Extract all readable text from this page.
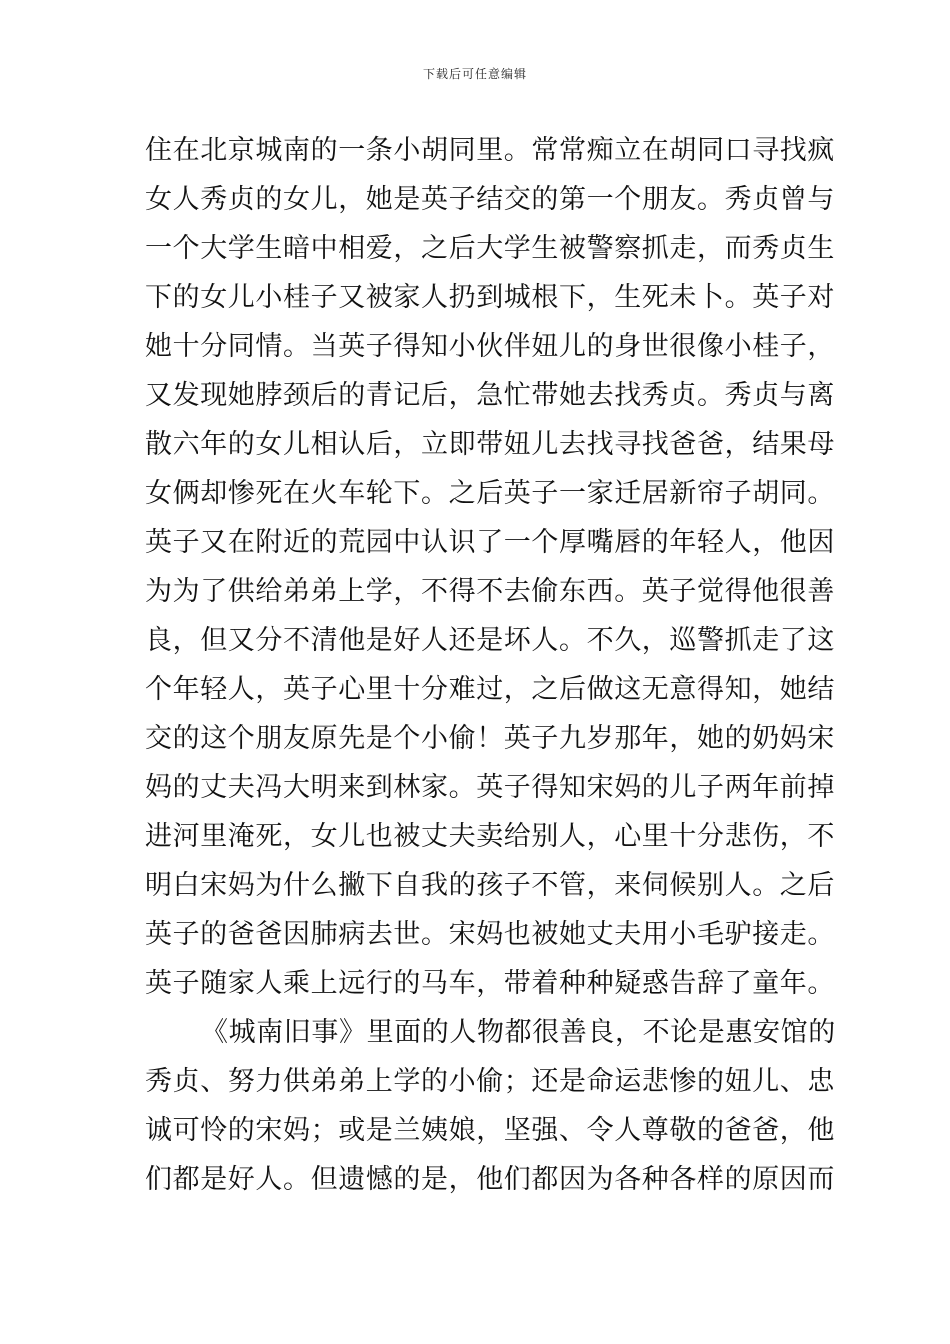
下载后可任意编辑
住在北京城南的一条小胡同里。常常痴立在胡同口寻找疯
女人秀贞的女儿，她是英子结交的第一个朋友。秀贞曾与
一个大学生暗中相爱，之后大学生被警察抓走，而秀贞生
下的女儿小桂子又被家人扔到城根下，生死未卜。英子对
她十分同情。当英子得知小伙伴妞儿的身世很像小桂子，
又发现她脖颈后的青记后，急忙带她去找秀贞。秀贞与离
散六年的女儿相认后，立即带妞儿去找寻找爸爸，结果母
女俩却惨死在火车轮下。之后英子一家迁居新帘子胡同。
英子又在附近的荒园中认识了一个厚嘴唇的年轻人，他因
为为了供给弟弟上学，不得不去偷东西。英子觉得他很善
良，但又分不清他是好人还是坏人。不久，巡警抓走了这
个年轻人，英子心里十分难过，之后做这无意得知，她结
交的这个朋友原先是个小偷！英子九岁那年，她的奶妈宋
妈的丈夫冯大明来到林家。英子得知宋妈的儿子两年前掉
进河里淹死，女儿也被丈夫卖给别人，心里十分悲伤，不
明白宋妈为什么撇下自我的孩子不管，来伺候别人。之后
英子的爸爸因肺病去世。宋妈也被她丈夫用小毛驴接走。
英子随家人乘上远行的马车，带着种种疑惑告辞了童年。
《城南旧事》里面的人物都很善良，不论是惠安馆的
秀贞、努力供弟弟上学的小偷；还是命运悲惨的妞儿、忠
诚可怜的宋妈；或是兰姨娘，坚强、令人尊敬的爸爸，他
们都是好人。但遗憾的是，他们都因为各种各样的原因而
